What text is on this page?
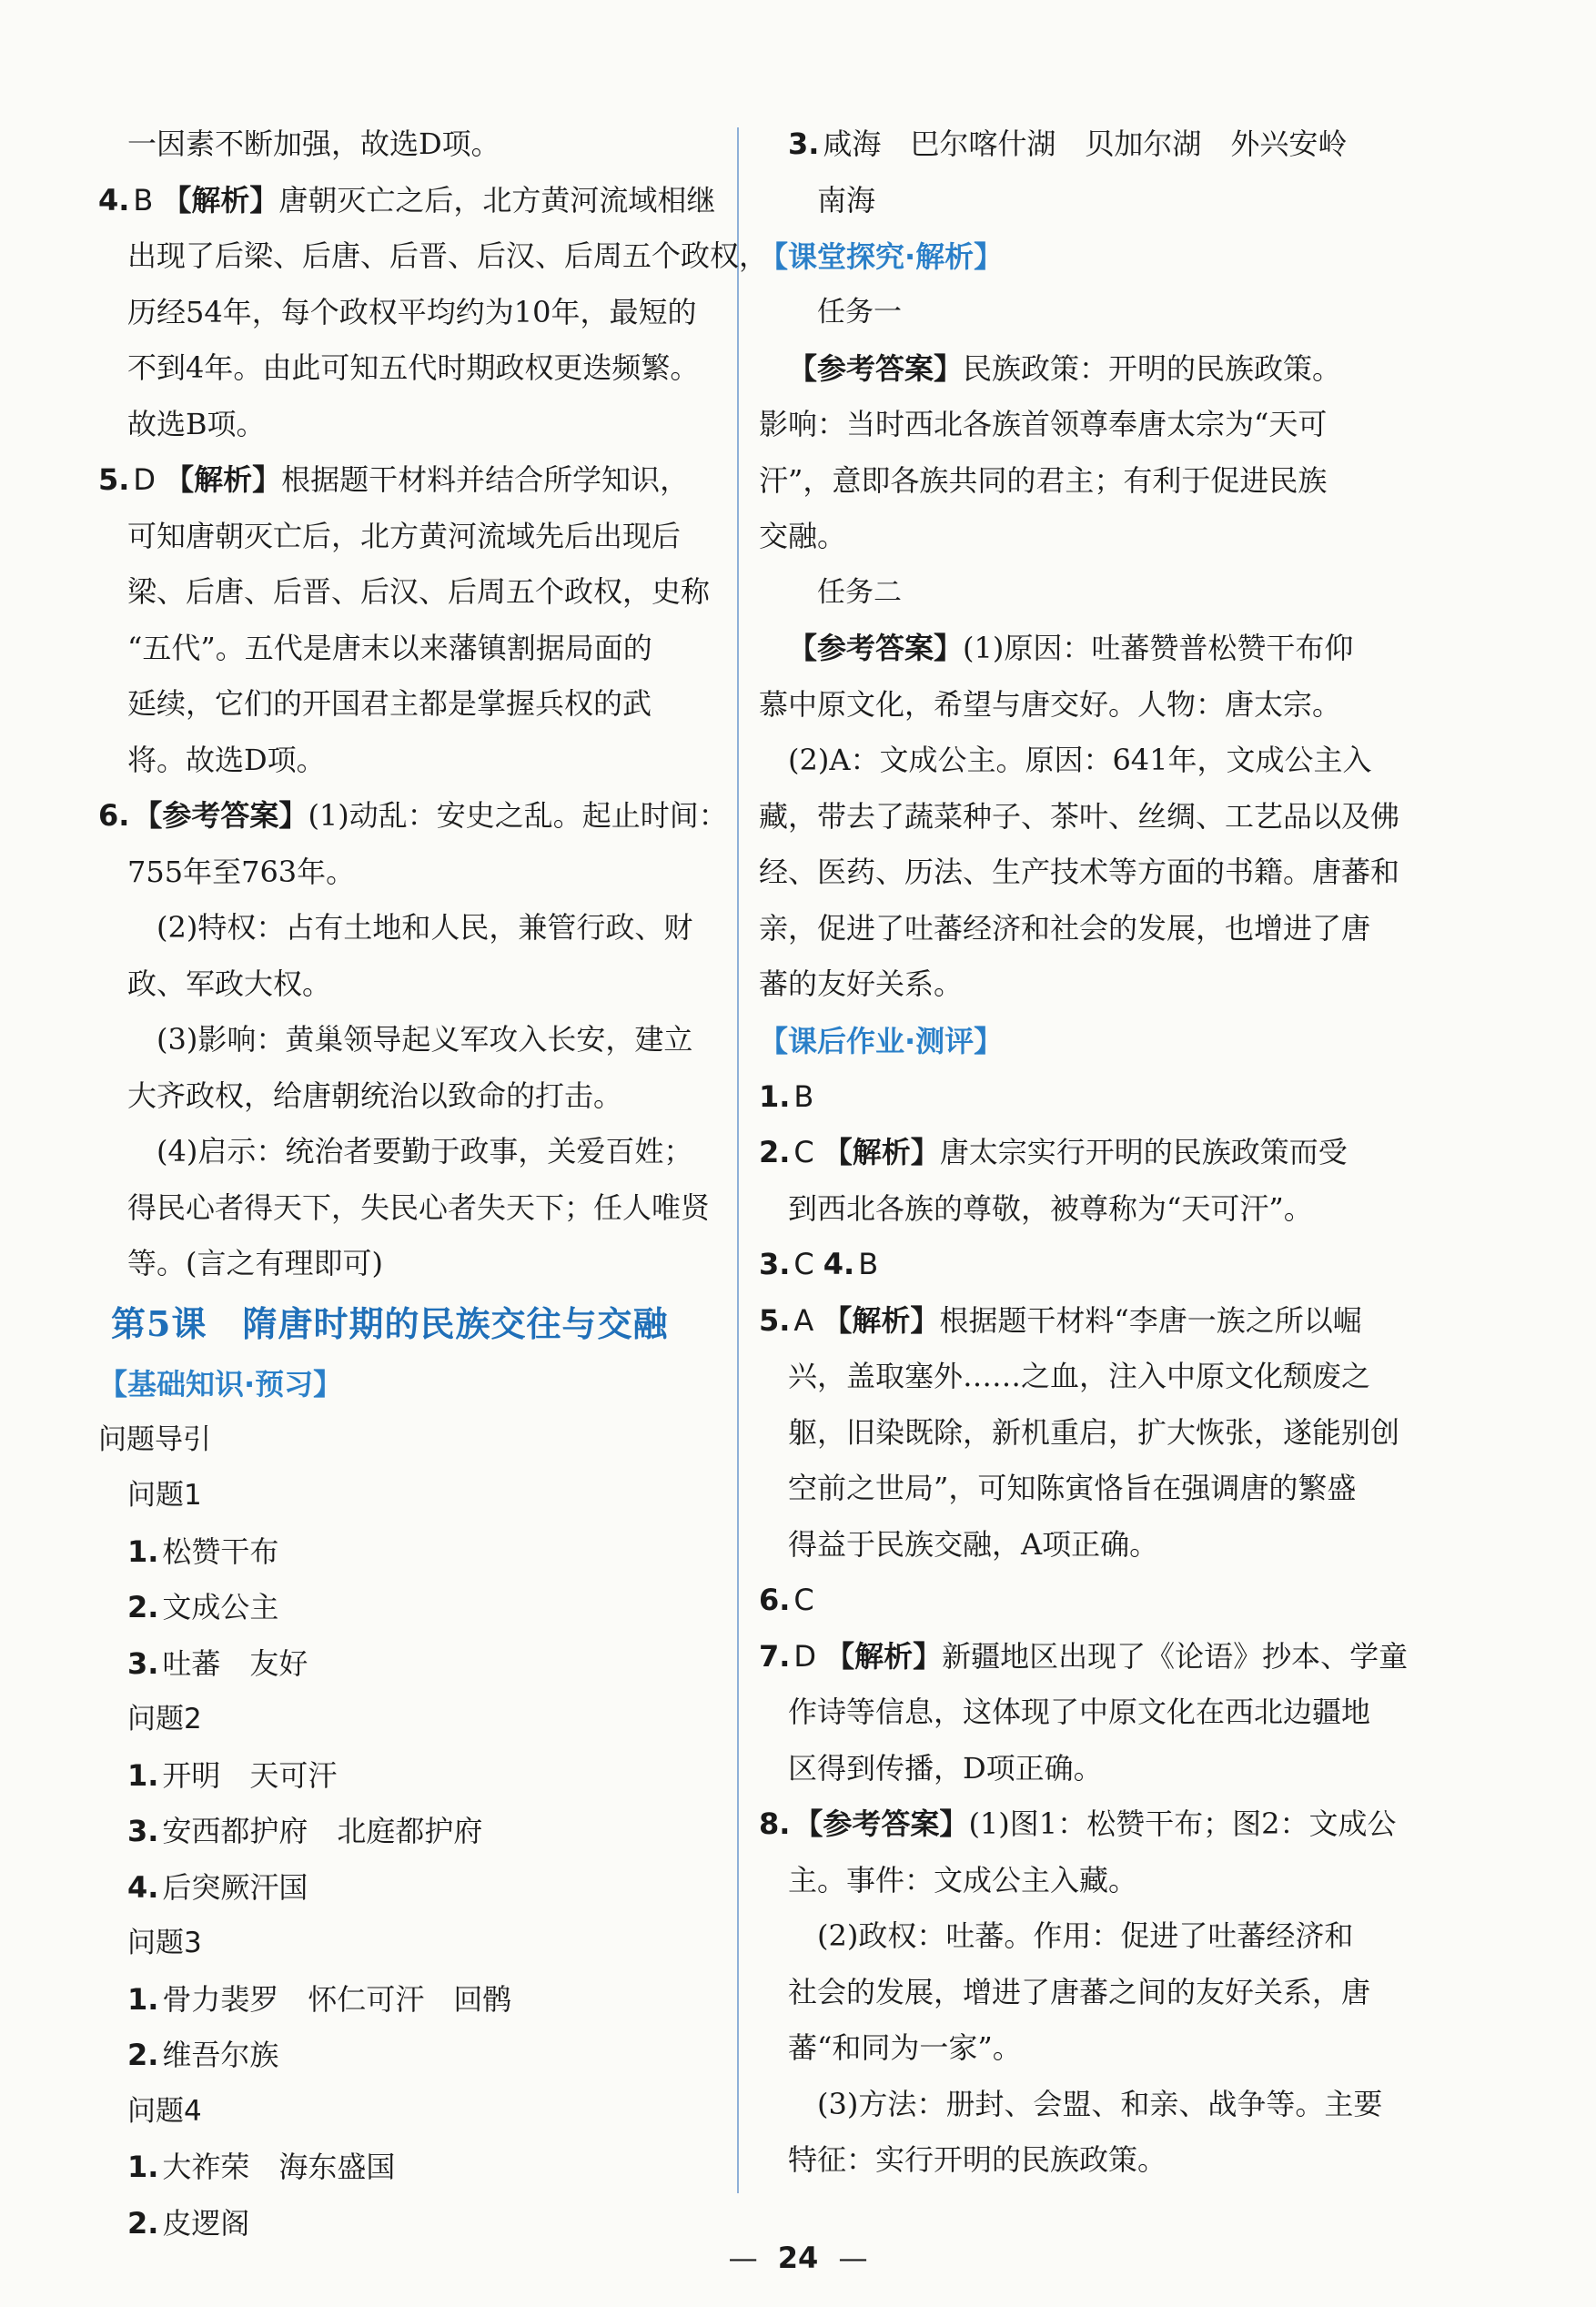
一因素不断加强，故选D项。
4. B 【解析】唐朝灭亡之后，北方黄河流域相继
出现了后梁、后唐、后晋、后汉、后周五个政权，
历经54年，每个政权平均约为10年，最短的
不到4年。由此可知五代时期政权更迭频繁。
故选B项。
5. D 【解析】根据题干材料并结合所学知识，
可知唐朝灭亡后，北方黄河流域先后出现后
梁、后唐、后晋、后汉、后周五个政权，史称
“五代”。五代是唐末以来藩镇割据局面的
延续，它们的开国君主都是掌握兵权的武
将。故选D项。
6. 【参考答案】(1)动乱：安史之乱。起止时间：
755年至763年。
(2)特权：占有土地和人民，兼管行政、财
政、军政大权。
(3)影响：黄巢领导起义军攻入长安，建立
大齐政权，给唐朝统治以致命的打击。
(4)启示：统治者要勤于政事，关爱百姓；
得民心者得天下，失民心者失天下；任人唯贤
等。(言之有理即可)
第5课　隋唐时期的民族交往与交融
【基础知识·预习】
问题导引
问题1
1. 松赞干布
2. 文成公主
3. 吐蕃　友好
问题2
1. 开明　天可汗
3. 安西都护府　北庭都护府
4. 后突厥汗国
问题3
1. 骨力裴罗　怀仁可汗　回鹘
2. 维吾尔族
问题4
1. 大祚荣　海东盛国
2. 皮逻阁
3. 咸海　巴尔喀什湖　贝加尔湖　外兴安岭
南海
【课堂探究·解析】
任务一
【参考答案】民族政策：开明的民族政策。
影响：当时西北各族首领尊奉唐太宗为“天可
汗”，意即各族共同的君主；有利于促进民族
交融。
任务二
【参考答案】(1)原因：吐蕃赞普松赞干布仰
慕中原文化，希望与唐交好。人物：唐太宗。
(2)A：文成公主。原因：641年，文成公主入
藏，带去了蔬菜种子、茶叶、丝绸、工艺品以及佛
经、医药、历法、生产技术等方面的书籍。唐蕃和
亲，促进了吐蕃经济和社会的发展，也增进了唐
蕃的友好关系。
【课后作业·测评】
1. B
2. C 【解析】唐太宗实行开明的民族政策而受
到西北各族的尊敬，被尊称为“天可汗”。
3. C 4. B
5. A 【解析】根据题干材料“李唐一族之所以崛
兴，盖取塞外……之血，注入中原文化颓废之
躯，旧染既除，新机重启，扩大恢张，遂能别创
空前之世局”，可知陈寅恪旨在强调唐的繁盛
得益于民族交融，A项正确。
6. C
7. D 【解析】新疆地区出现了《论语》抄本、学童
作诗等信息，这体现了中原文化在西北边疆地
区得到传播，D项正确。
8. 【参考答案】(1)图1：松赞干布；图2：文成公
主。事件：文成公主入藏。
(2)政权：吐蕃。作用：促进了吐蕃经济和
社会的发展，增进了唐蕃之间的友好关系，唐
蕃“和同为一家”。
(3)方法：册封、会盟、和亲、战争等。主要
特征：实行开明的民族政策。
— 24 —
